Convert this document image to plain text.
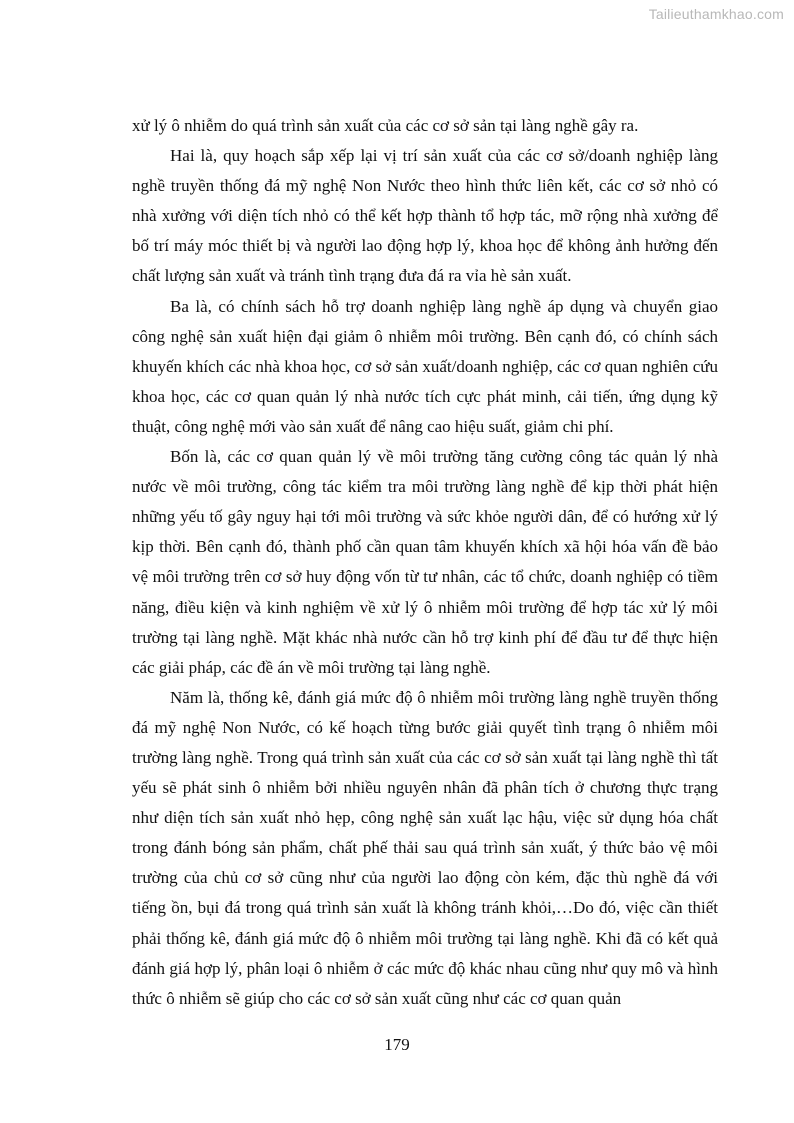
Tailieuthamkhao.com

xử lý ô nhiễm do quá trình sản xuất của các cơ sở sản tại làng nghề gây ra.

Hai là, quy hoạch sắp xếp lại vị trí sản xuất của các cơ sở/doanh nghiệp làng nghề truyền thống đá mỹ nghệ Non Nước theo hình thức liên kết, các cơ sở nhỏ có nhà xưởng với diện tích nhỏ có thể kết hợp thành tổ hợp tác, mỡ rộng nhà xưởng để bố trí máy móc thiết bị và người lao động hợp lý, khoa học để không ảnh hưởng đến chất lượng sản xuất và tránh tình trạng đưa đá ra vỉa hè sản xuất.

Ba là, có chính sách hỗ trợ doanh nghiệp làng nghề áp dụng và chuyển giao công nghệ sản xuất hiện đại giảm ô nhiễm môi trường. Bên cạnh đó, có chính sách khuyến khích các nhà khoa học, cơ sở sản xuất/doanh nghiệp, các cơ quan nghiên cứu khoa học, các cơ quan quản lý nhà nước tích cực phát minh, cải tiến, ứng dụng kỹ thuật, công nghệ mới vào sản xuất để nâng cao hiệu suất, giảm chi phí.

Bốn là, các cơ quan quản lý về môi trường tăng cường công tác quản lý nhà nước về môi trường, công tác kiểm tra môi trường làng nghề để kịp thời phát hiện những yếu tố gây nguy hại tới môi trường và sức khỏe người dân, để có hướng xử lý kịp thời. Bên cạnh đó, thành phố cần quan tâm khuyến khích xã hội hóa vấn đề bảo vệ môi trường trên cơ sở huy động vốn từ tư nhân, các tổ chức, doanh nghiệp có tiềm năng, điều kiện và kinh nghiệm về xử lý ô nhiễm môi trường để hợp tác xử lý môi trường tại làng nghề. Mặt khác nhà nước cần hỗ trợ kinh phí để đầu tư để thực hiện các giải pháp, các đề án về môi trường tại làng nghề.

Năm là, thống kê, đánh giá mức độ ô nhiễm môi trường làng nghề truyền thống đá mỹ nghệ Non Nước, có kế hoạch từng bước giải quyết tình trạng ô nhiễm môi trường làng nghề. Trong quá trình sản xuất của các cơ sở sản xuất tại làng nghề thì tất yếu sẽ phát sinh ô nhiễm bởi nhiều nguyên nhân đã phân tích ở chương thực trạng như diện tích sản xuất nhỏ hẹp, công nghệ sản xuất lạc hậu, việc sử dụng hóa chất trong đánh bóng sản phẩm, chất phế thải sau quá trình sản xuất, ý thức bảo vệ môi trường của chủ cơ sở cũng như của người lao động còn kém, đặc thù nghề đá với tiếng ồn, bụi đá trong quá trình sản xuất là không tránh khỏi,…Do đó, việc cần thiết phải thống kê, đánh giá mức độ ô nhiễm môi trường tại làng nghề. Khi đã có kết quả đánh giá hợp lý, phân loại ô nhiễm ở các mức độ khác nhau cũng như quy mô và hình thức ô nhiễm sẽ giúp cho các cơ sở sản xuất cũng như các cơ quan quản

179
